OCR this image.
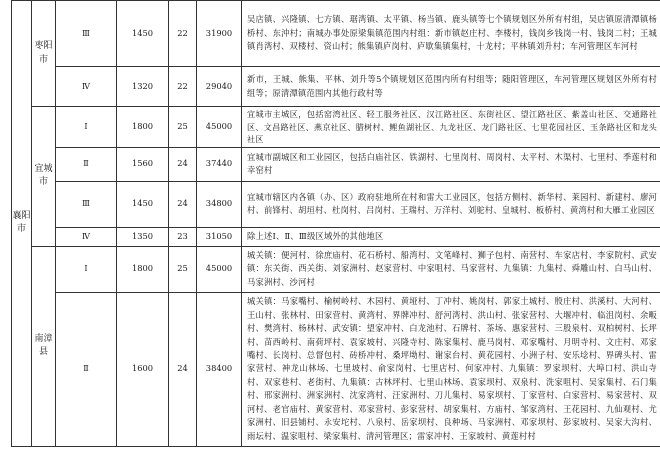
襄阳市	枣阳市	Ⅲ	1450	22	31900	吴店镇、兴隆镇、七方镇、琚湾镇、太平镇、杨当镇、鹿头镇等七个镇规划区外所有村组，吴店镇原清潭镇杨桥村、东沖村；南城办事处原梁集镇范围内村组：新市镇赵庄村、李楼村，钱岗乡钱岗一村、钱岗二村；王城镇肖湾村、双楼村、资山村；熊集镇庐岗村、庐歇集镇集村，十龙村；平林镇刘升村；车河管理区车河村
		Ⅳ	1320	22	29040	新市，王城、熊集、平林、刘升等5个镇规划区范围内所有村组等；随阳管理区，车河管理区规划区外所有村组等；原清潭镇范围内其他行政村等
	宜城市	Ⅰ	1800	25	45000	宜城市主城区，包括窑湾社区、轻工服务社区、汉江路社区、东街社区、望江路社区、紫盖山社区、交通路社区、文昌路社区、燕京社区、腊树村、鲤鱼湖社区、九龙社区、龙门路社区、七里花园社区、玉条路社区和龙头社区
		Ⅱ	1560	24	37440	宜城市副城区和工业园区，包括白庙社区、铁湖村、七里岗村、周岗村、太平村、木渠村、七里村、季莲村和幸窑村
		Ⅲ	1450	24	34800	宜城市辖区内各镇（办、区）政府驻地所在村和雷大工业园区，包括方侧村、新华村、莱园村、新建村、廖河村、前锋村、胡垣村、杜岗村、吕岗村、王瑞村、万洋村、刘驼村、皇城村、板桥村、黄湾村和大雁工业园区
		Ⅳ	1350	23	31050	除上述Ⅰ、Ⅱ、Ⅲ级区域外的其他地区
	南漳县	Ⅰ	1800	25	45000	城关镇：便河村、徐庶庙村、花石桥村、船湾村、文笔峰村、狮子包村、南营村、车家店村、李家院村、武安镇：东关街、西关街、刘家洲村、赵家营村、中家咀村、马家营村、九集镇：九集村、舜雕山村、白马山村、马家洲村、沙河村
		Ⅱ	1600	24	38400	城关镇：马家嘴村、榆树岭村、木园村、黄垭村、丁冲村、姚岗村、郭家土城村、殷庄村、洪溪村、大河村、王山村、张林村、田家营村、黄湾村、界牌冲村、舒河湾村、洪山村、张家营村、大堰冲村、临沮岗村、余畈村、樊湾村、杨林村、武安镇：望家冲村、白龙池村、石牌村、茶场、惠家营村、三股泉村、双柏树村、长坪村、苗西岭村、南荷坪村、袁家坡村、兴隆寺村、陈家集村、鹿马岗村、邓家嘴村、月明寺村、文庄村、邓家嘴村、长岗村、总督包村、砖桥冲村、桑坪坳村、谢家台村、黄花园村、小洲子村、安乐埝村、界碑头村、雷家营村、神龙山林场、七里坡村、俞家岗村、七里店村、何家冲村、九集镇：罗家坝村、大埠口村、洪山寺村、双家巷村、老街村、九集镇：古林坪村、七里山林场、袁家坝村、双泉村、洗家咀村、吴家集村、石门集村、邢家洲村、洲家洲村、沈家湾村、汪家洲村、刀儿集村、易家坝村、丁家营村、白家营村、易家营村、双河村、老官庙村、黄家营村、邓家营村、彭家营村、胡家集村、方庙村、邹家湾村、王花园村、九仙观村、尤家洲村、旧县铺村、永安坨村、八泉村、岳家坝村、良种场、马家洲村、邓家坝村、彭家坡村、吴家大沟村、雨坛村、温家咀村、梁家集村、清河管理区；雷家冲村、王家坡村、黄莲村村
